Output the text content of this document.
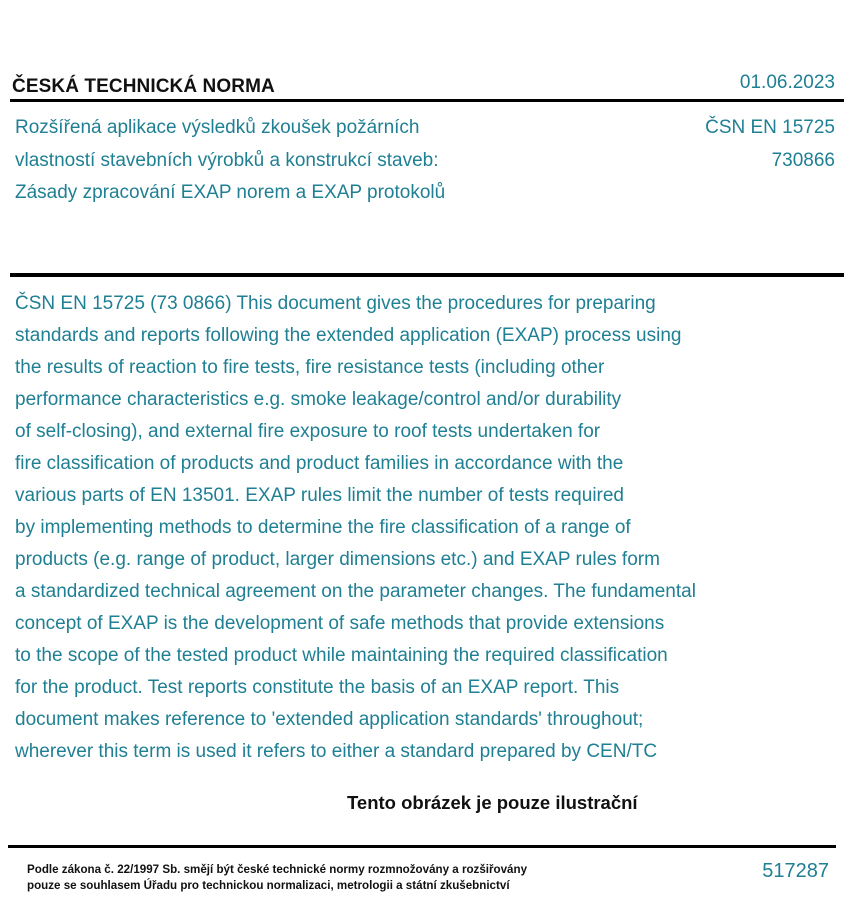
ČESKÁ TECHNICKÁ NORMA	01.06.2023
Rozšířená aplikace výsledků zkoušek požárních
vlastností stavebních výrobků a konstrukcí staveb:
Zásady zpracování EXAP norem a EXAP protokolů
ČSN EN 15725
730866
ČSN EN 15725 (73 0866) This document gives the procedures for preparing
standards and reports following the extended application (EXAP) process using
the results of reaction to fire tests, fire resistance tests (including other
performance characteristics e.g. smoke leakage/control and/or durability
of self-closing), and external fire exposure to roof tests undertaken for
fire classification of products and product families in accordance with the
various parts of EN 13501. EXAP rules limit the number of tests required
by implementing methods to determine the fire classification of a range of
products (e.g. range of product, larger dimensions etc.) and EXAP rules form
a standardized technical agreement on the parameter changes. The fundamental
concept of EXAP is the development of safe methods that provide extensions
to the scope of the tested product while maintaining the required classification
for the product. Test reports constitute the basis of an EXAP report. This
document makes reference to 'extended application standards' throughout;
wherever this term is used it refers to either a standard prepared by CEN/TC
Tento obrázek je pouze ilustrační
Podle zákona č. 22/1997 Sb. smějí být české technické normy rozmnožovány a rozšiřovány
pouze se souhlasem Úřadu pro technickou normalizaci, metrologii a státní zkušebnictví
517287
